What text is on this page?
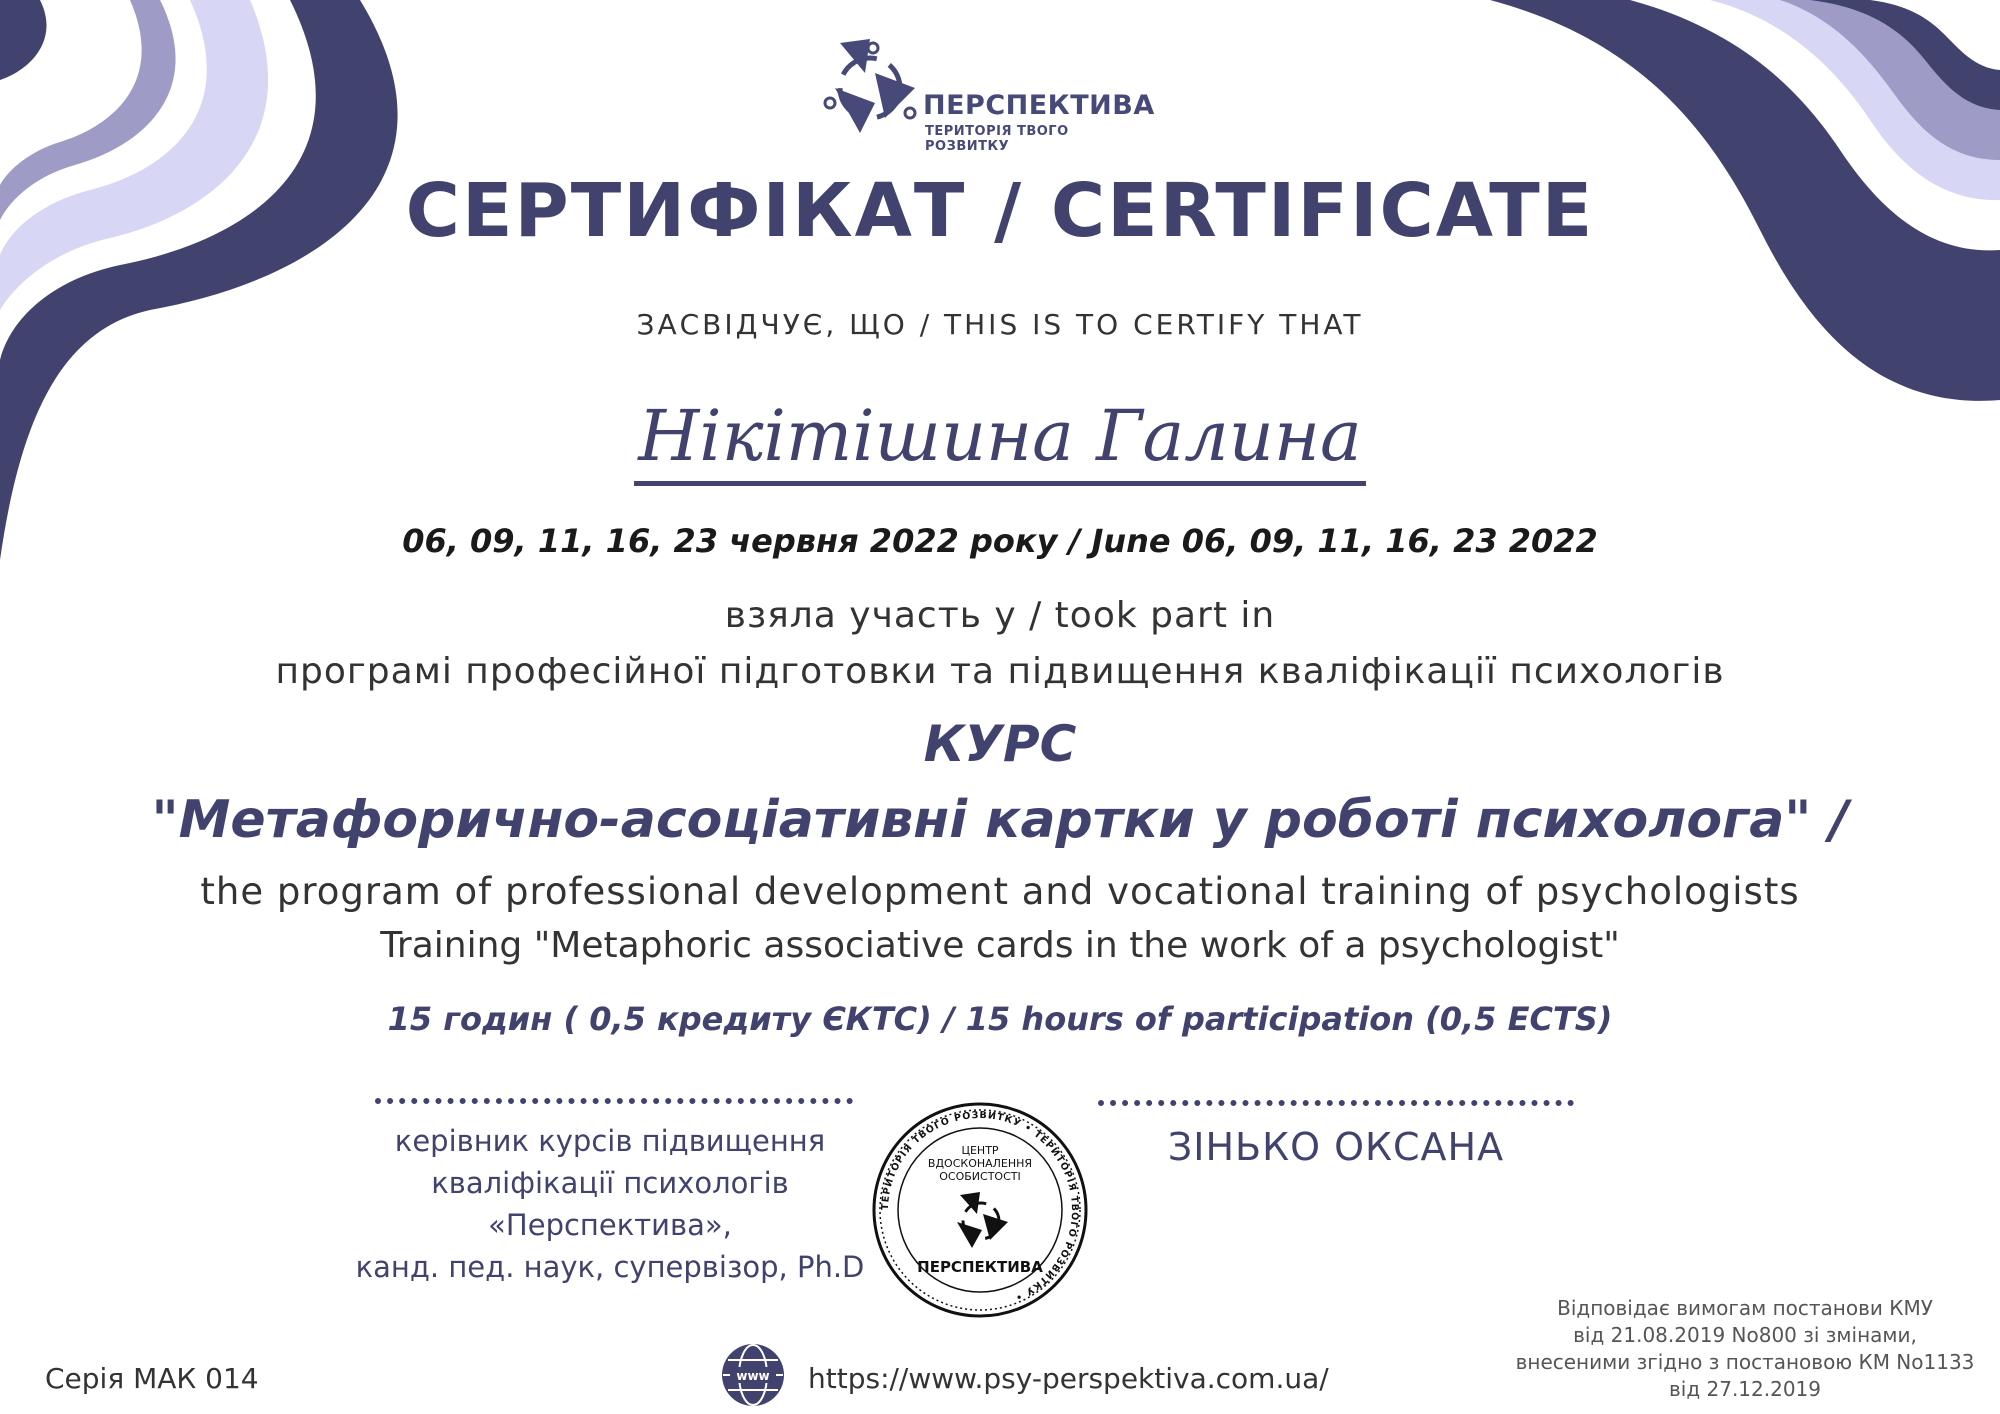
ПЕРСПЕКТИВА
ТЕРИТОРІЯ ТВОГО РОЗВИТКУ
СЕРТИФІКАТ / CERTIFICATE
ЗАСВІДЧУЄ, ЩО / THIS IS TO CERTIFY THAT
Нікітішина Галина
06, 09, 11, 16, 23 червня 2022 року / June 06, 09, 11, 16, 23 2022
взяла участь у / took part in
програмі професійної підготовки та підвищення кваліфікації психологів
КУРС
"Метафорично-асоціативні картки у роботі психолога" /
the program of professional development and vocational training of psychologists
Training "Metaphoric associative cards in the work of a psychologist"
15 годин ( 0,5 кредиту ЄКТС) / 15 hours of participation (0,5 ECTS)
керівник курсів підвищення
кваліфікації психологів
«Перспектива»,
канд. пед. наук, супервізор, Ph.D
ЗІНЬКО ОКСАНА
ТЕРИТОРІЯ ТВОГО РОЗВИТКУ • ТЕРИТОРІЯ ТВОГО РОЗВИТКУ •
ЦЕНТР
ВДОСКОНАЛЕННЯ
ОСОБИСТОСТІ
ПЕРСПЕКТИВА
Серія МАК 014	www https://www.psy-perspektiva.com.ua/
Відповідає вимогам постанови КМУ
від 21.08.2019 No800 зі змінами,
внесеними згідно з постановою КМ No1133
від 27.12.2019
